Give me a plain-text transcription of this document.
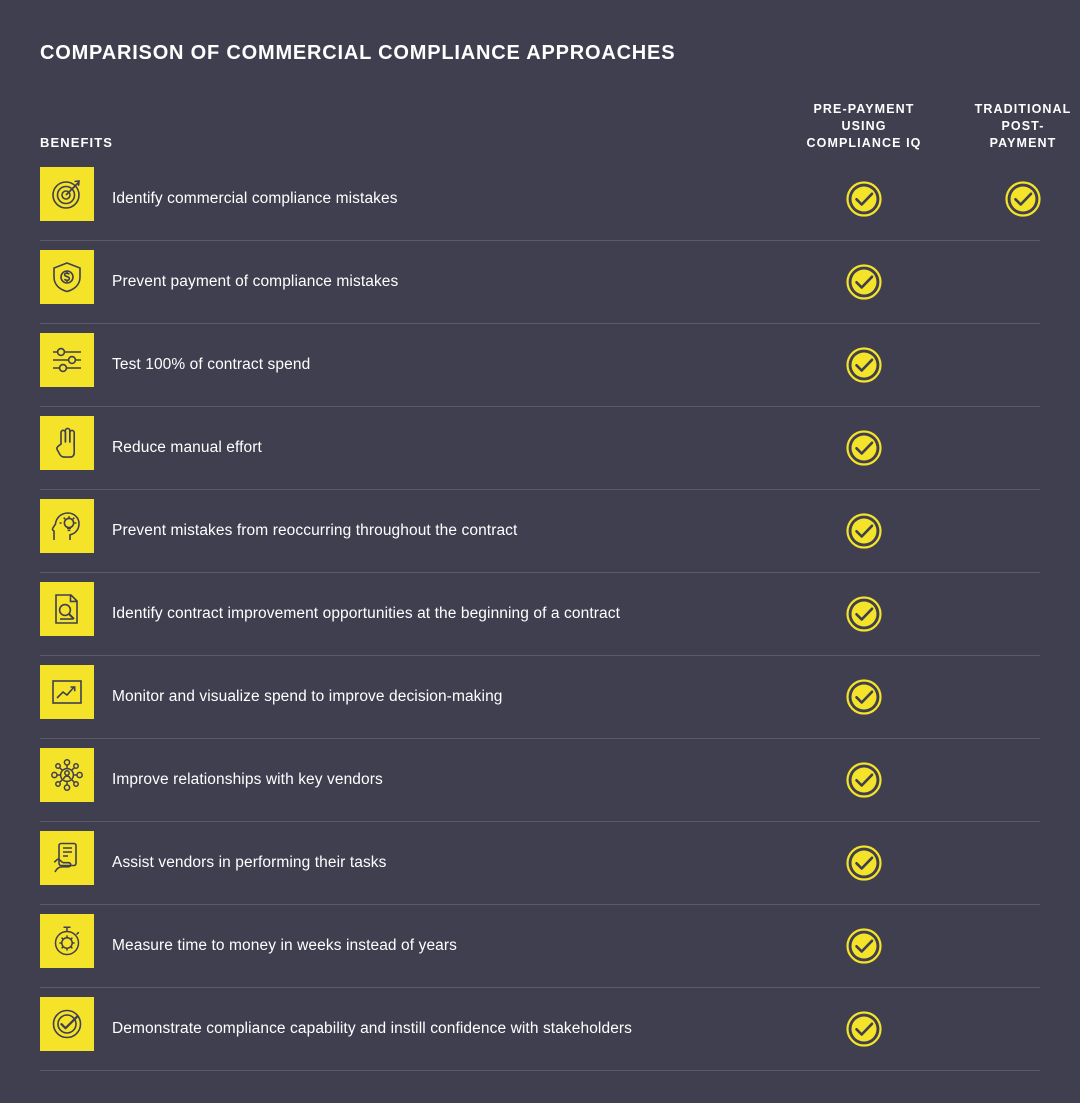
COMPARISON OF COMMERCIAL COMPLIANCE APPROACHES
BENEFITS
PRE-PAYMENT
USING
COMPLIANCE IQ
TRADITIONAL
POST-
PAYMENT
Identify commercial compliance mistakes
Prevent payment of compliance mistakes
Test 100% of contract spend
Reduce manual effort
Prevent mistakes from reoccurring throughout the contract
Identify contract improvement opportunities at the beginning of a contract
Monitor and visualize spend to improve decision-making
Improve relationships with key vendors
Assist vendors in performing their tasks
Measure time to money in weeks instead of years
Demonstrate compliance capability and instill confidence with stakeholders
